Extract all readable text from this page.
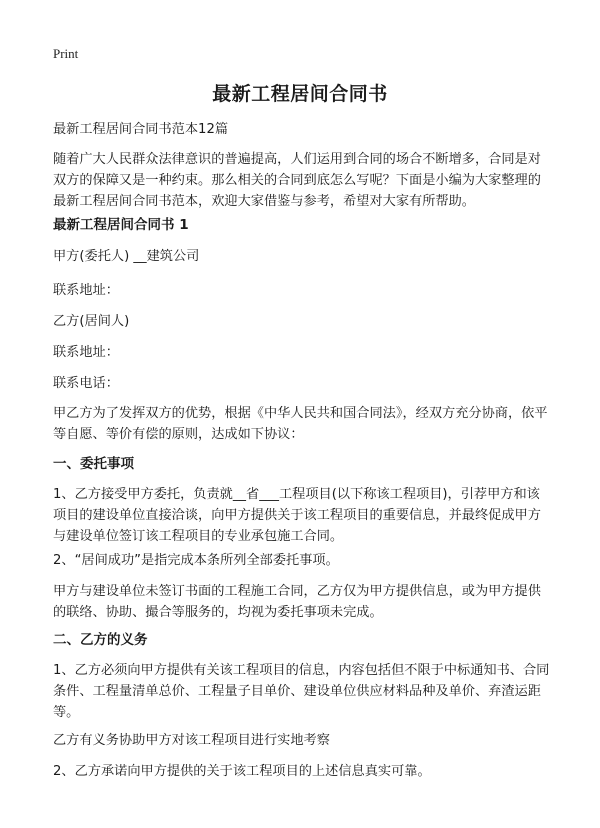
Print
最新工程居间合同书

最新工程居间合同书范本12篇

随着广大人民群众法律意识的普遍提高，人们运用到合同的场合不断增多，合同是对双方的保障又是一种约束。那么相关的合同到底怎么写呢？下面是小编为大家整理的最新工程居间合同书范本，欢迎大家借鉴与参考，希望对大家有所帮助。

最新工程居间合同书 1

甲方(委托人) __建筑公司

联系地址：

乙方(居间人)

联系地址：

联系电话：

甲乙方为了发挥双方的优势，根据《中华人民共和国合同法》，经双方充分协商，依平等自愿、等价有偿的原则，达成如下协议：

一、委托事项

1、乙方接受甲方委托，负责就__省___工程项目(以下称该工程项目)，引荐甲方和该项目的建设单位直接洽谈，向甲方提供关于该工程项目的重要信息，并最终促成甲方与建设单位签订该工程项目的专业承包施工合同。

2、“居间成功”是指完成本条所列全部委托事项。

甲方与建设单位未签订书面的工程施工合同，乙方仅为甲方提供信息，或为甲方提供的联络、协助、撮合等服务的，均视为委托事项未完成。

二、乙方的义务

1、乙方必须向甲方提供有关该工程项目的信息，内容包括但不限于中标通知书、合同条件、工程量清单总价、工程量子目单价、建设单位供应材料品种及单价、弃渣运距等。

乙方有义务协助甲方对该工程项目进行实地考察

2、乙方承诺向甲方提供的关于该工程项目的上述信息真实可靠。
